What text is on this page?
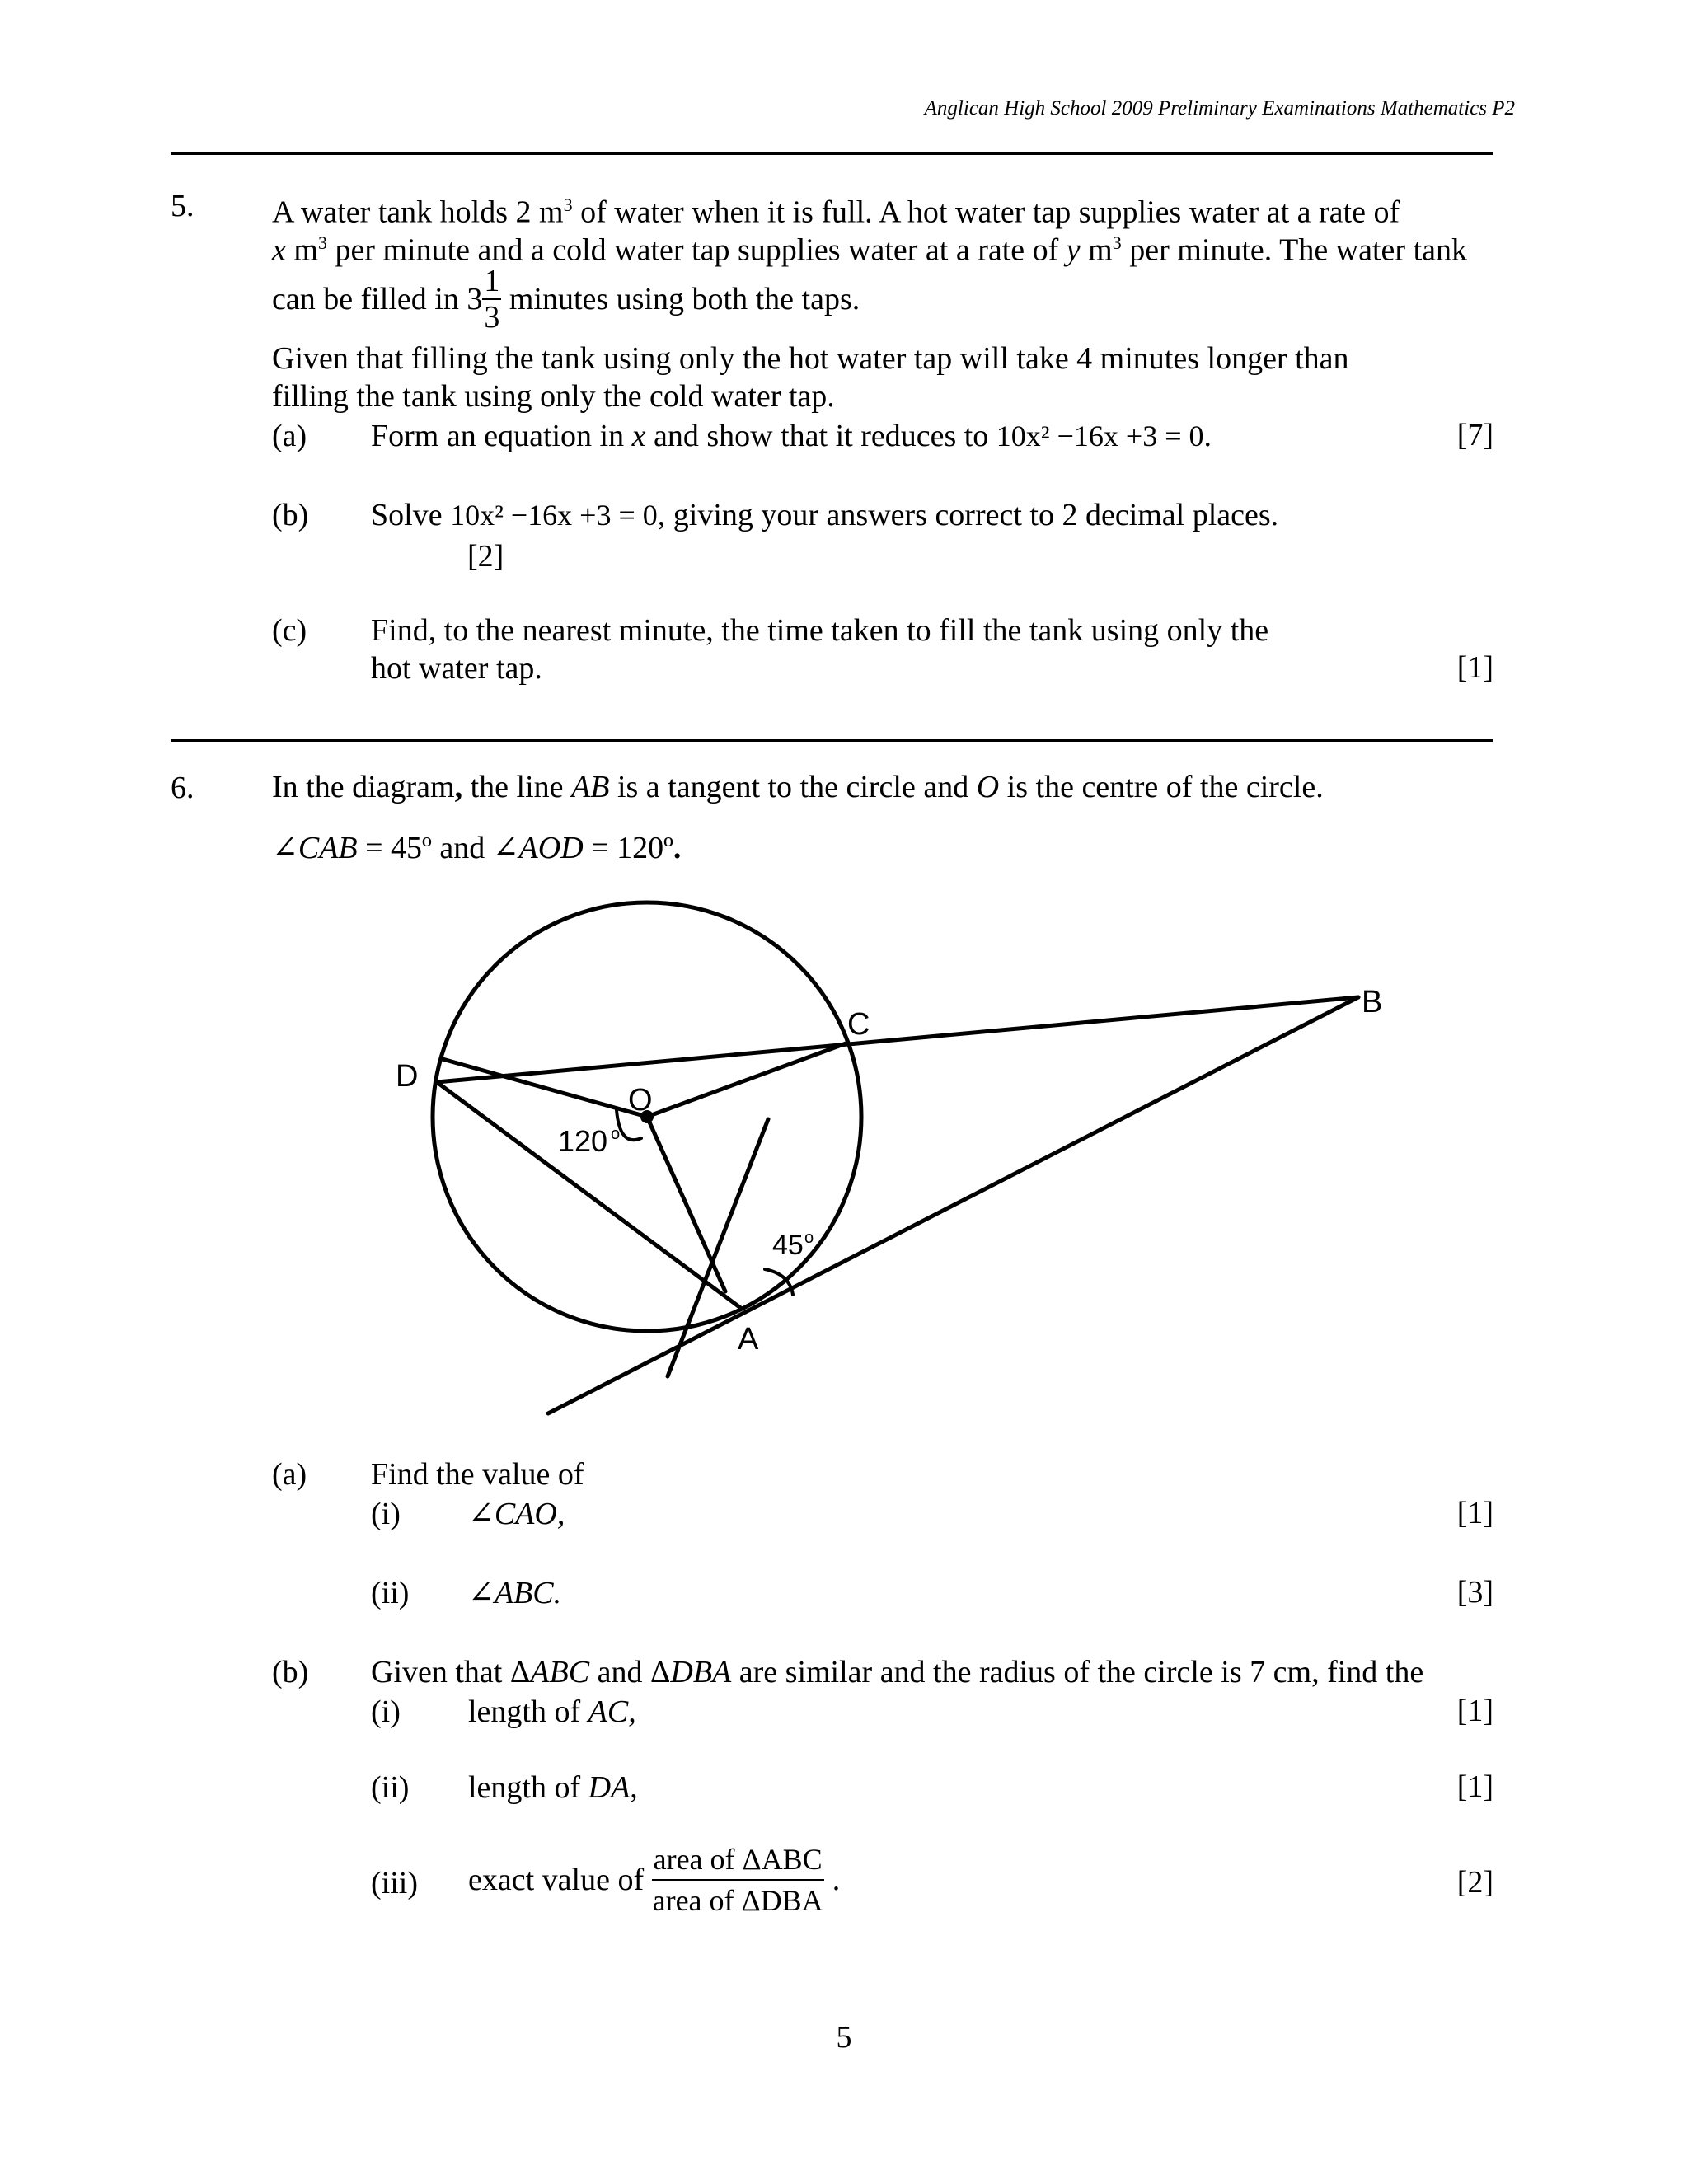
Anglican High School 2009 Preliminary Examinations Mathematics P2
5. A water tank holds 2 $m^3$ of water when it is full. A hot water tap supplies water at a rate of
x $m^3$ per minute and a cold water tap supplies water at a rate of y $m^3$ per minute. The water tank
can be filled in $3 \frac{1}{3}$ minutes using both the taps.
Given that filling the tank using only the hot water tap will take 4 minutes longer than
filling the tank using only the cold water tap.
(a) Form an equation in x and show that it reduces to 10x² −16x +3 = 0.	[7]
(b) Solve 10x² −16x +3 = 0, giving your answers correct to 2 decimal places.
[2]
(c) Find, to the nearest minute, the time taken to fill the tank using only the
hot water tap.	[1]
6. In the diagram, the line AB is a tangent to the circle and O is the centre of the circle.
∠CAB = 45º and ∠AOD = 120º.
B
C
D
O
A
120 o
45 o
(a) Find the value of
(i) ∠CAO,	[1]
(ii) ∠ABC.	[3]
(b) Given that ΔABC and ΔDBA are similar and the radius of the circle is 7 cm, find the
(i) length of AC,	[1]
(ii) length of DA,	[1]
(iii) exact value of $\frac{\text{area of ΔABC}}{\text{area of ΔDBA}}$ .	[2]
5
